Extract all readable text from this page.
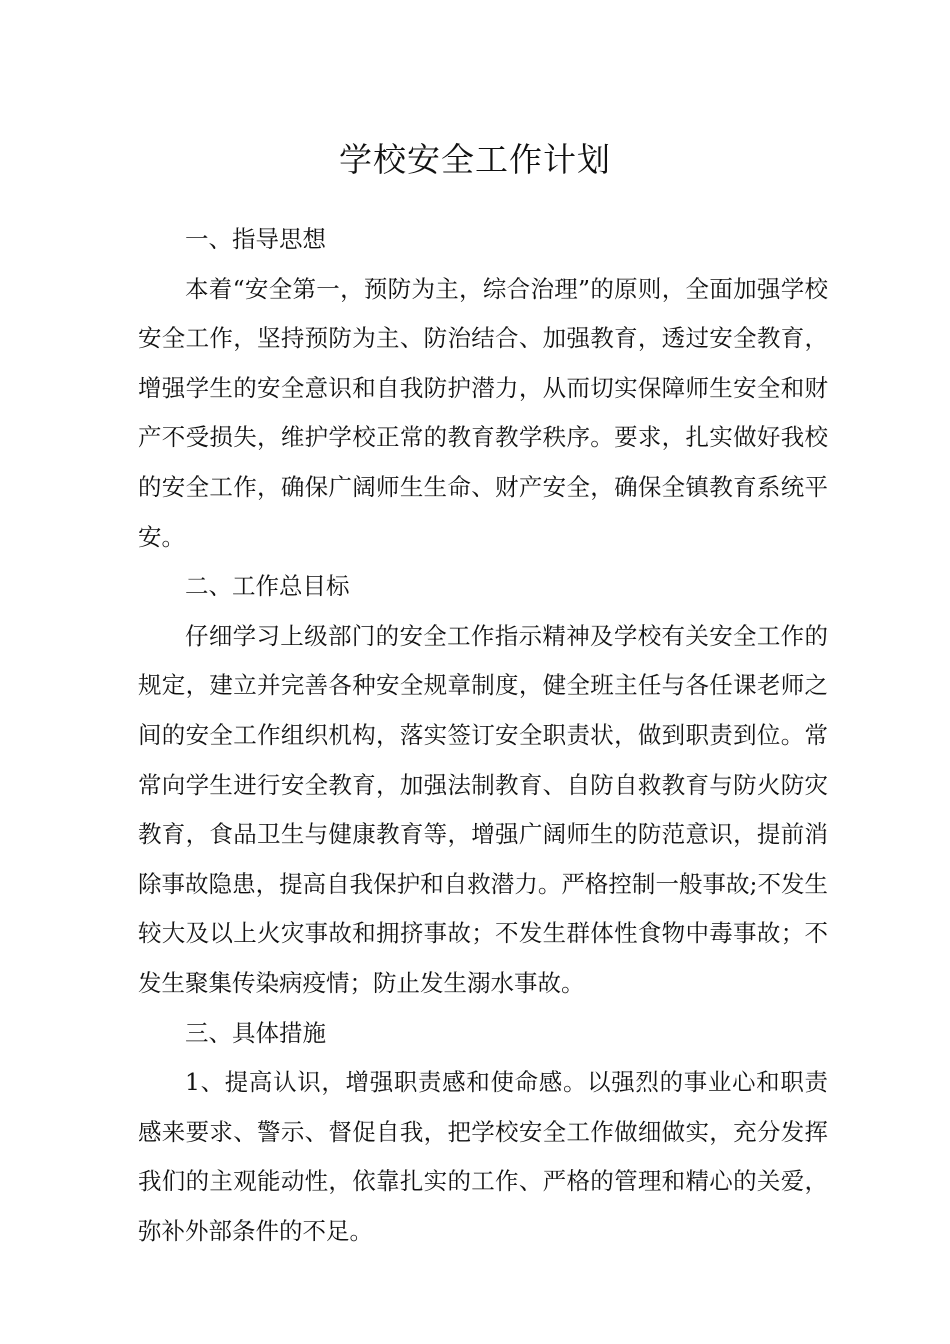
学校安全工作计划

一、指导思想

本着“安全第一，预防为主，综合治理”的原则，全面加强学校安全工作，坚持预防为主、防治结合、加强教育，透过安全教育，增强学生的安全意识和自我防护潜力，从而切实保障师生安全和财产不受损失，维护学校正常的教育教学秩序。要求，扎实做好我校的安全工作，确保广阔师生生命、财产安全，确保全镇教育系统平安。

二、工作总目标

仔细学习上级部门的安全工作指示精神及学校有关安全工作的规定，建立并完善各种安全规章制度，健全班主任与各任课老师之间的安全工作组织机构，落实签订安全职责状，做到职责到位。常常向学生进行安全教育，加强法制教育、自防自救教育与防火防灾教育，食品卫生与健康教育等，增强广阔师生的防范意识，提前消除事故隐患，提高自我保护和自救潜力。严格控制一般事故;不发生较大及以上火灾事故和拥挤事故；不发生群体性食物中毒事故；不发生聚集传染病疫情；防止发生溺水事故。

三、具体措施

1、提高认识，增强职责感和使命感。以强烈的事业心和职责感来要求、警示、督促自我，把学校安全工作做细做实，充分发挥我们的主观能动性，依靠扎实的工作、严格的管理和精心的关爱，弥补外部条件的不足。
